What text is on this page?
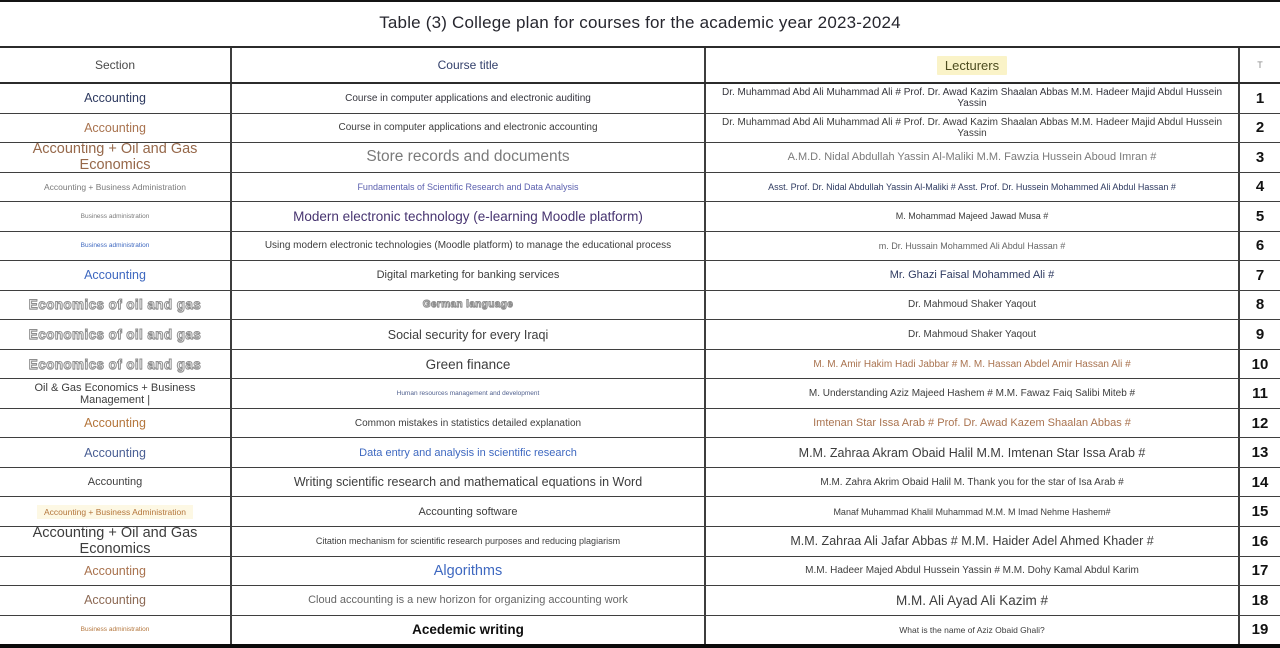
Table (3) College plan for courses for the academic year 2023-2024
Section	Course title	Lecturers	T
Accounting	Course in computer applications and electronic auditing	Dr. Muhammad Abd Ali Muhammad Ali # Prof. Dr. Awad Kazim Shaalan Abbas M.M. Hadeer Majid Abdul Hussein Yassin	1
Accounting	Course in computer applications and electronic accounting	Dr. Muhammad Abd Ali Muhammad Ali # Prof. Dr. Awad Kazim Shaalan Abbas M.M. Hadeer Majid Abdul Hussein Yassin	2
Accounting + Oil and Gas Economics	Store records and documents	A.M.D. Nidal Abdullah Yassin Al-Maliki M.M. Fawzia Hussein Aboud Imran #	3
Accounting + Business Administration	Fundamentals of Scientific Research and Data Analysis	Asst. Prof. Dr. Nidal Abdullah Yassin Al-Maliki # Asst. Prof. Dr. Hussein Mohammed Ali Abdul Hassan #	4
Business administration	Modern electronic technology (e-learning Moodle platform)	M. Mohammad Majeed Jawad Musa #	5
Business administration	Using modern electronic technologies (Moodle platform) to manage the educational process	m. Dr. Hussain Mohammed Ali Abdul Hassan #	6
Accounting	Digital marketing for banking services	Mr. Ghazi Faisal Mohammed Ali #	7
Economics of oil and gas	German language	Dr. Mahmoud Shaker Yaqout	8
Economics of oil and gas	Social security for every Iraqi	Dr. Mahmoud Shaker Yaqout	9
Economics of oil and gas	Green finance	M. M. Amir Hakim Hadi Jabbar # M. M. Hassan Abdel Amir Hassan Ali #	10
Oil & Gas Economics + Business Management |	Human resources management and development	M. Understanding Aziz Majeed Hashem # M.M. Fawaz Faiq Salibi Miteb #	11
Accounting	Common mistakes in statistics detailed explanation	Imtenan Star Issa Arab # Prof. Dr. Awad Kazem Shaalan Abbas #	12
Accounting	Data entry and analysis in scientific research	M.M. Zahraa Akram Obaid Halil M.M. Imtenan Star Issa Arab #	13
Accounting	Writing scientific research and mathematical equations in Word	M.M. Zahra Akrim Obaid Halil M. Thank you for the star of Isa Arab #	14
Accounting + Business Administration	Accounting software	Manaf Muhammad Khalil Muhammad M.M. M Imad Nehme Hashem#	15
Accounting + Oil and Gas Economics	Citation mechanism for scientific research purposes and reducing plagiarism	M.M. Zahraa Ali Jafar Abbas # M.M. Haider Adel Ahmed Khader #	16
Accounting	Algorithms	M.M. Hadeer Majed Abdul Hussein Yassin # M.M. Dohy Kamal Abdul Karim	17
Accounting	Cloud accounting is a new horizon for organizing accounting work	M.M. Ali Ayad Ali Kazim #	18
Business administration	Acedemic writing	What is the name of Aziz Obaid Ghali?	19
